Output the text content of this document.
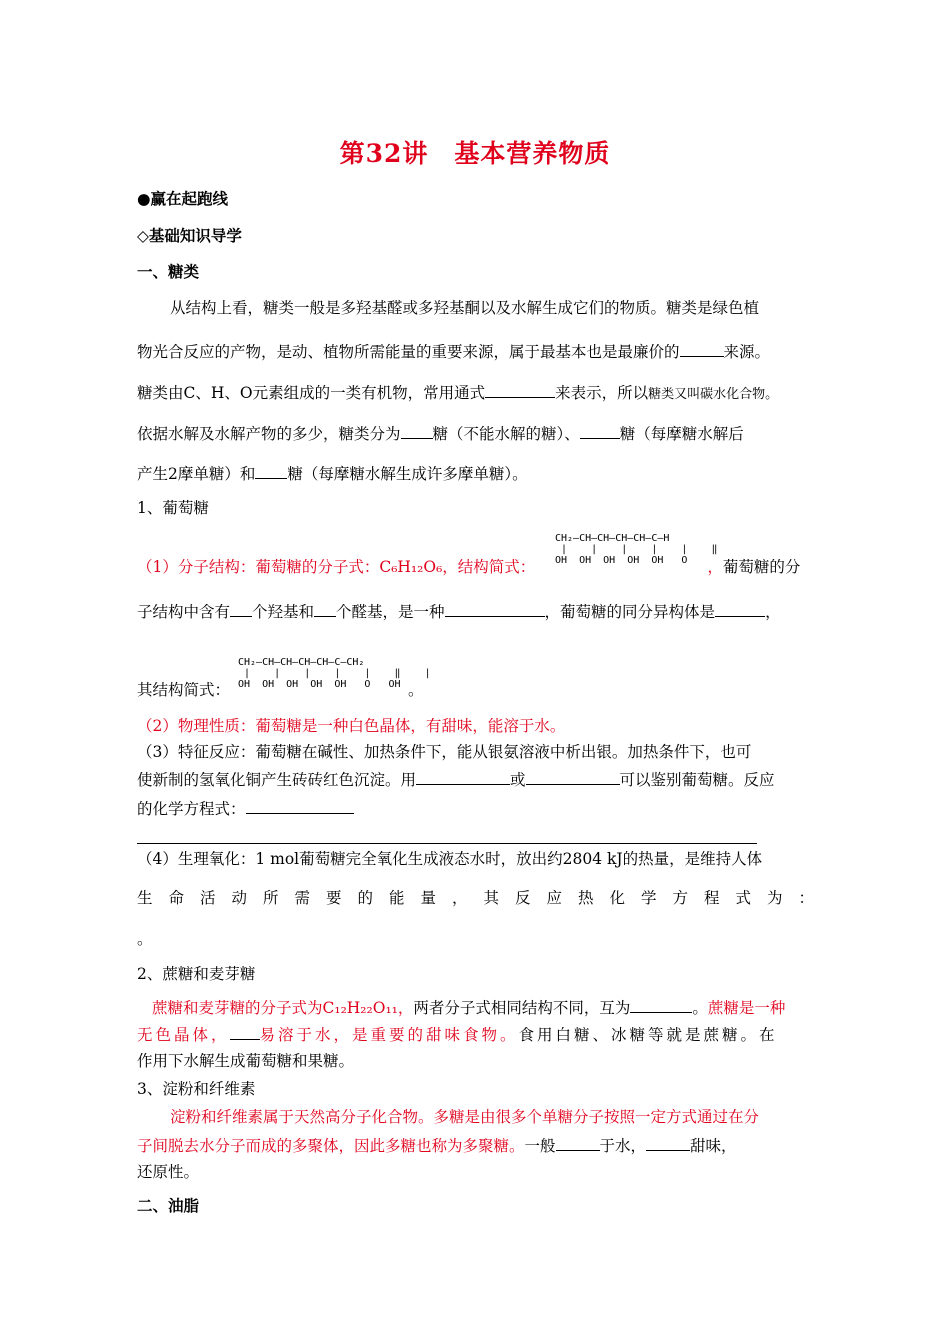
第32讲　基本营养物质
●赢在起跑线
◇基础知识导学
一、糖类
从结构上看，糖类一般是多羟基醛或多羟基酮以及水解生成它们的物质。糖类是绿色植
物光合反应的产物，是动、植物所需能量的重要来源，属于最基本也是最廉价的	来源。
糖类由C、H、O元素组成的一类有机物，常用通式	来表示，所以糖类又叫碳水化合物。
依据水解及水解产物的多少，糖类分为 糖（不能水解的糖）、	糖（每摩糖水解后
产生2摩单糖）和 糖（每摩糖水解生成许多摩单糖）。
1、葡萄糖
CH₂—CH—CH—CH—CH—C—H
|    |    |    |    |    ‖
OH  OH  OH  OH  OH   O
（1）分子结构：葡萄糖的分子式：C₆H₁₂O₆，结构简式：	，葡萄糖的分
子结构中含有 个羟基和 个醛基，是一种	，葡萄糖的同分异构体是	，
CH₂—CH—CH—CH—CH—C—CH₂
|    |    |    |    |    ‖    |
OH  OH  OH  OH  OH   O   OH
其结构简式：	。
（2）物理性质：葡萄糖是一种白色晶体，有甜味，能溶于水。
（3）特征反应：葡萄糖在碱性、加热条件下，能从银氨溶液中析出银。加热条件下，也可
使新制的氢氧化铜产生砖砖红色沉淀。用	或	可以鉴别葡萄糖。反应
的化学方程式：
（4）生理氧化：1 mol葡萄糖完全氧化生成液态水时，放出约2804 kJ的热量，是维持人体
生命活动所需要的能量，其反应热化学方程式为：
。
2、蔗糖和麦芽糖
蔗糖和麦芽糖的分子式为C₁₂H₂₂O₁₁，两者分子式相同结构不同，互为	。蔗糖是一种
无色晶体， 易溶于水，是重要的甜味食物。食用白糖、冰糖等就是蔗糖。在
作用下水解生成葡萄糖和果糖。
3、淀粉和纤维素
淀粉和纤维素属于天然高分子化合物。多糖是由很多个单糖分子按照一定方式通过在分
子间脱去水分子而成的多聚体，因此多糖也称为多聚糖。一般	于水，	甜味，
还原性。
二、油脂
